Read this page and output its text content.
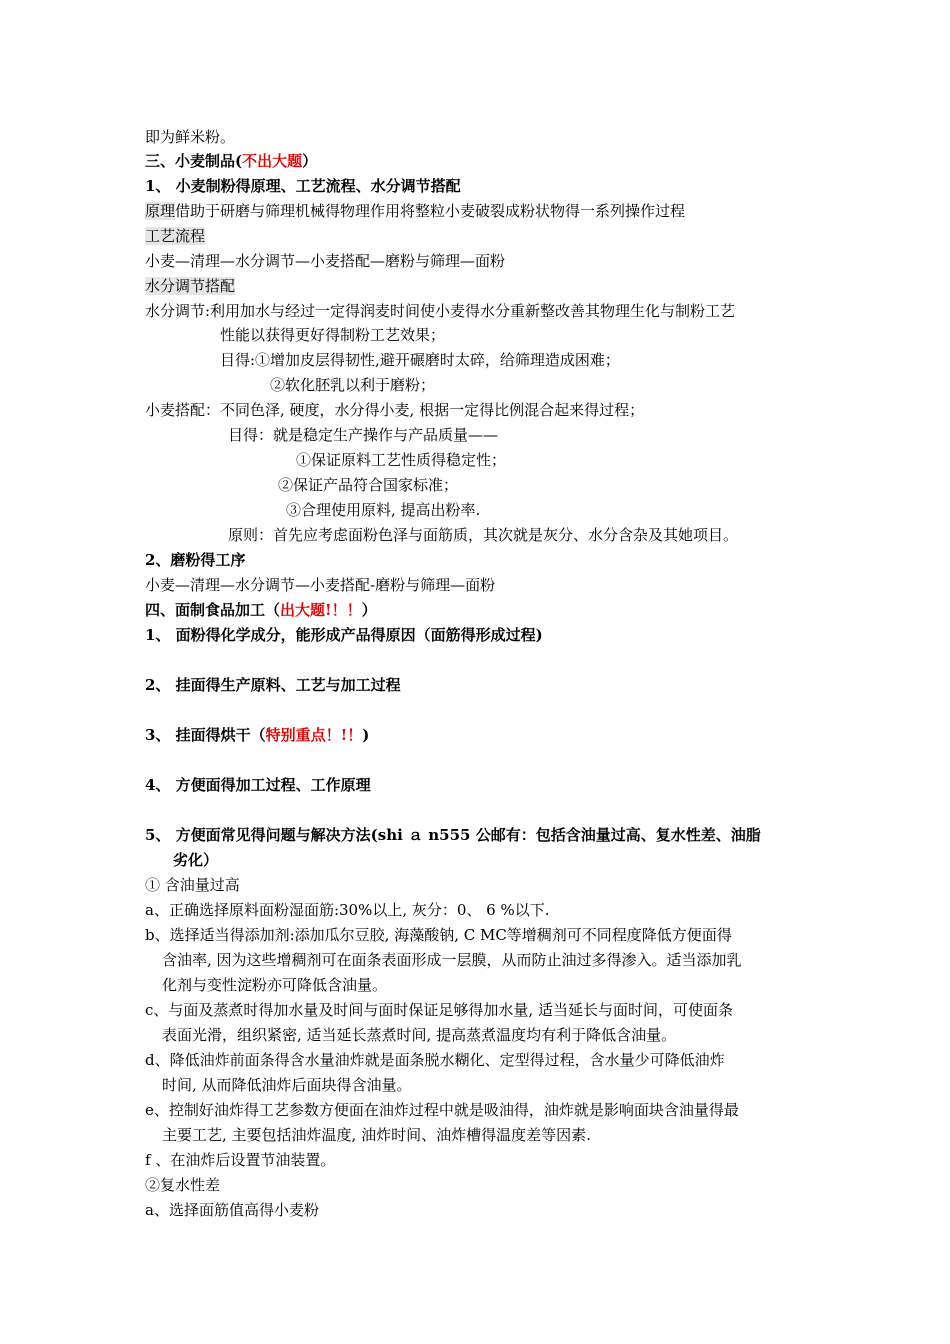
即为鲜米粉。
三、小麦制品(不出大题）
1、 小麦制粉得原理、工艺流程、水分调节搭配
原理借助于研磨与筛理机械得物理作用将整粒小麦破裂成粉状物得一系列操作过程
工艺流程
小麦—清理—水分调节—小麦搭配—磨粉与筛理—面粉
水分调节搭配
水分调节:利用加水与经过一定得润麦时间使小麦得水分重新整改善其物理生化与制粉工艺
性能以获得更好得制粉工艺效果；
目得:①增加皮层得韧性,避开碾磨时太碎，给筛理造成困难；
②软化胚乳以利于磨粉；
小麦搭配：不同色泽, 硬度，水分得小麦, 根据一定得比例混合起来得过程；
目得：就是稳定生产操作与产品质量——
①保证原料工艺性质得稳定性；
②保证产品符合国家标准；
③合理使用原料, 提高出粉率.
原则：首先应考虑面粉色泽与面筋质，其次就是灰分、水分含杂及其她项目。
2、磨粉得工序
小麦—清理—水分调节—小麦搭配-磨粉与筛理—面粉
四、面制食品加工（出大题!！！）
1、 面粉得化学成分，能形成产品得原因（面筋得形成过程)
2、 挂面得生产原料、工艺与加工过程
3、 挂面得烘干（特别重点！!！)
4、 方便面得加工过程、工作原理
5、 方便面常见得问题与解决方法(shi ａ n555 公邮有：包括含油量过高、复水性差、油脂
劣化）
① 含油量过高
a、正确选择原料面粉湿面筋:30%以上, 灰分：0、 6 %以下.
b、选择适当得添加剂:添加瓜尔豆胶, 海藻酸钠, C MC等增稠剂可不同程度降低方便面得
含油率, 因为这些增稠剂可在面条表面形成一层膜，从而防止油过多得渗入。适当添加乳
化剂与变性淀粉亦可降低含油量。
c、与面及蒸煮时得加水量及时间与面时保证足够得加水量, 适当延长与面时间，可使面条
表面光滑，组织紧密, 适当延长蒸煮时间, 提高蒸煮温度均有利于降低含油量。
d、降低油炸前面条得含水量油炸就是面条脱水糊化、定型得过程，含水量少可降低油炸
时间, 从而降低油炸后面块得含油量。
e、控制好油炸得工艺参数方便面在油炸过程中就是吸油得，油炸就是影响面块含油量得最
主要工艺, 主要包括油炸温度, 油炸时间、油炸槽得温度差等因素.
f 、在油炸后设置节油装置。
②复水性差
a、选择面筋值高得小麦粉
